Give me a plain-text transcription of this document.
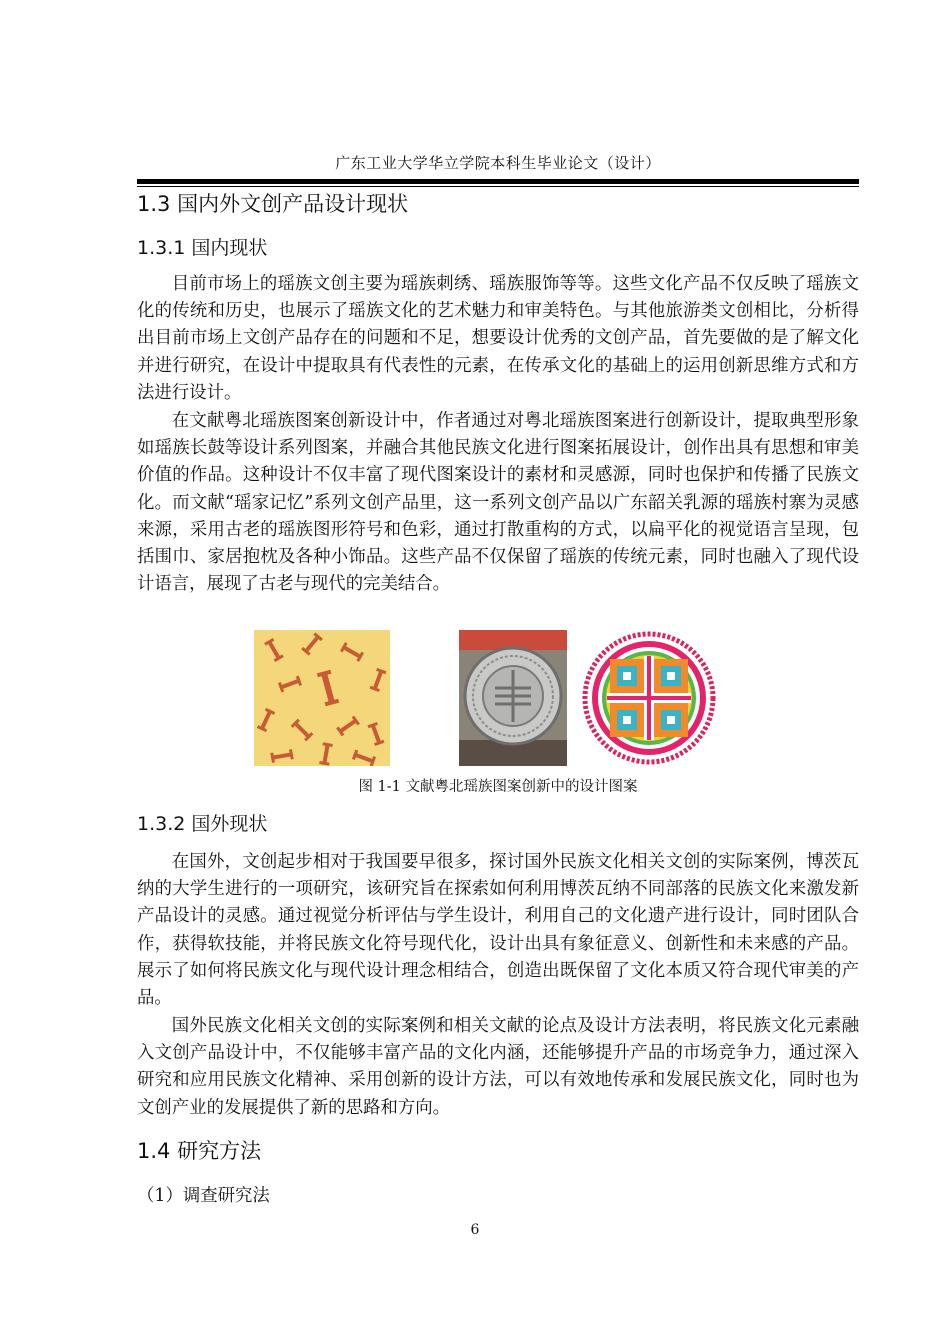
广东工业大学华立学院本科生毕业论文（设计）
1.3 国内外文创产品设计现状
1.3.1 国内现状

目前市场上的瑶族文创主要为瑶族刺绣、瑶族服饰等等。这些文化产品不仅反映了瑶族文化的传统和历史，也展示了瑶族文化的艺术魅力和审美特色。与其他旅游类文创相比，分析得出目前市场上文创产品存在的问题和不足，想要设计优秀的文创产品，首先要做的是了解文化并进行研究，在设计中提取具有代表性的元素，在传承文化的基础上的运用创新思维方式和方法进行设计。

在文献粤北瑶族图案创新设计中，作者通过对粤北瑶族图案进行创新设计，提取典型形象如瑶族长鼓等设计系列图案，并融合其他民族文化进行图案拓展设计，创作出具有思想和审美价值的作品。这种设计不仅丰富了现代图案设计的素材和灵感源，同时也保护和传播了民族文化。而文献“瑶家记忆”系列文创产品里，这一系列文创产品以广东韶关乳源的瑶族村寨为灵感来源，采用古老的瑶族图形符号和色彩，通过打散重构的方式，以扁平化的视觉语言呈现，包括围巾、家居抱枕及各种小饰品。这些产品不仅保留了瑶族的传统元素，同时也融入了现代设计语言，展现了古老与现代的完美结合。

图 1-1 文献粤北瑶族图案创新中的设计图案
1.3.2 国外现状

在国外，文创起步相对于我国要早很多，探讨国外民族文化相关文创的实际案例，博茨瓦纳的大学生进行的一项研究，该研究旨在探索如何利用博茨瓦纳不同部落的民族文化来激发新产品设计的灵感。通过视觉分析评估与学生设计，利用自己的文化遗产进行设计，同时团队合作，获得软技能，并将民族文化符号现代化，设计出具有象征意义、创新性和未来感的产品。展示了如何将民族文化与现代设计理念相结合，创造出既保留了文化本质又符合现代审美的产品。

国外民族文化相关文创的实际案例和相关文献的论点及设计方法表明，将民族文化元素融入文创产品设计中，不仅能够丰富产品的文化内涵，还能够提升产品的市场竞争力，通过深入研究和应用民族文化精神、采用创新的设计方法，可以有效地传承和发展民族文化，同时也为文创产业的发展提供了新的思路和方向。

1.4 研究方法
（1）调查研究法
6
